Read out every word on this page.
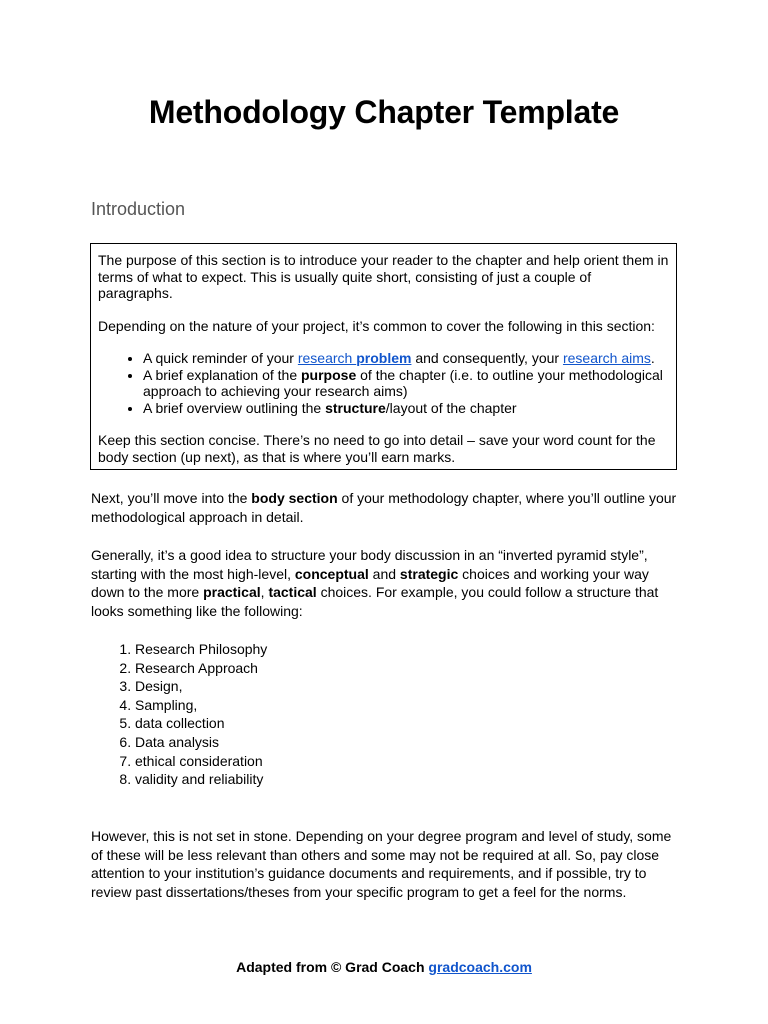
Methodology Chapter Template
Introduction

The purpose of this section is to introduce your reader to the chapter and help orient them in terms of what to expect. This is usually quite short, consisting of just a couple of paragraphs.

Depending on the nature of your project, it’s common to cover the following in this section:

• A quick reminder of your research problem and consequently, your research aims.
• A brief explanation of the purpose of the chapter (i.e. to outline your methodological approach to achieving your research aims)
• A brief overview outlining the structure/layout of the chapter

Keep this section concise. There’s no need to go into detail – save your word count for the body section (up next), as that is where you’ll earn marks.

Next, you’ll move into the body section of your methodology chapter, where you’ll outline your methodological approach in detail.

Generally, it’s a good idea to structure your body discussion in an “inverted pyramid style”, starting with the most high-level, conceptual and strategic choices and working your way down to the more practical, tactical choices. For example, you could follow a structure that looks something like the following:

1. Research Philosophy
2. Research Approach
3. Design,
4. Sampling,
5. data collection
6. Data analysis
7. ethical consideration
8. validity and reliability

However, this is not set in stone. Depending on your degree program and level of study, some of these will be less relevant than others and some may not be required at all. So, pay close attention to your institution’s guidance documents and requirements, and if possible, try to review past dissertations/theses from your specific program to get a feel for the norms.

Adapted from © Grad Coach gradcoach.com
